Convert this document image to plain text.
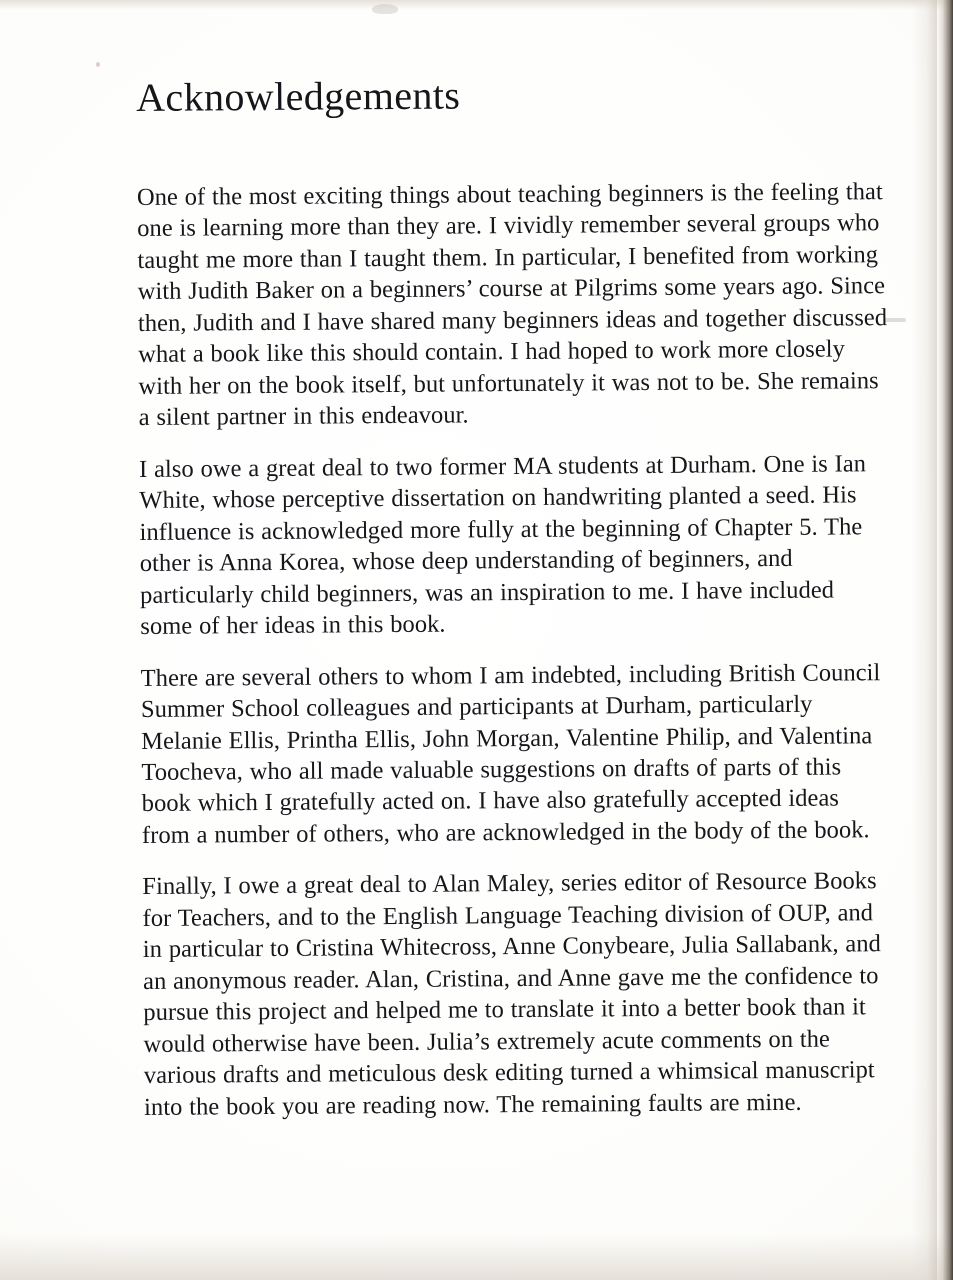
Acknowledgements

One of the most exciting things about teaching beginners is the feeling that one is learning more than they are. I vividly remember several groups who taught me more than I taught them. In particular, I benefited from working with Judith Baker on a beginners’ course at Pilgrims some years ago. Since then, Judith and I have shared many beginners ideas and together discussed what a book like this should contain. I had hoped to work more closely with her on the book itself, but unfortunately it was not to be. She remains a silent partner in this endeavour.

I also owe a great deal to two former MA students at Durham. One is Ian White, whose perceptive dissertation on handwriting planted a seed. His influence is acknowledged more fully at the beginning of Chapter 5. The other is Anna Korea, whose deep understanding of beginners, and particularly child beginners, was an inspiration to me. I have included some of her ideas in this book.

There are several others to whom I am indebted, including British Council Summer School colleagues and participants at Durham, particularly Melanie Ellis, Printha Ellis, John Morgan, Valentine Philip, and Valentina Toocheva, who all made valuable suggestions on drafts of parts of this book which I gratefully acted on. I have also gratefully accepted ideas from a number of others, who are acknowledged in the body of the book.

Finally, I owe a great deal to Alan Maley, series editor of Resource Books for Teachers, and to the English Language Teaching division of OUP, and in particular to Cristina Whitecross, Anne Conybeare, Julia Sallabank, and an anonymous reader. Alan, Cristina, and Anne gave me the confidence to pursue this project and helped me to translate it into a better book than it would otherwise have been. Julia’s extremely acute comments on the various drafts and meticulous desk editing turned a whimsical manuscript into the book you are reading now. The remaining faults are mine.
